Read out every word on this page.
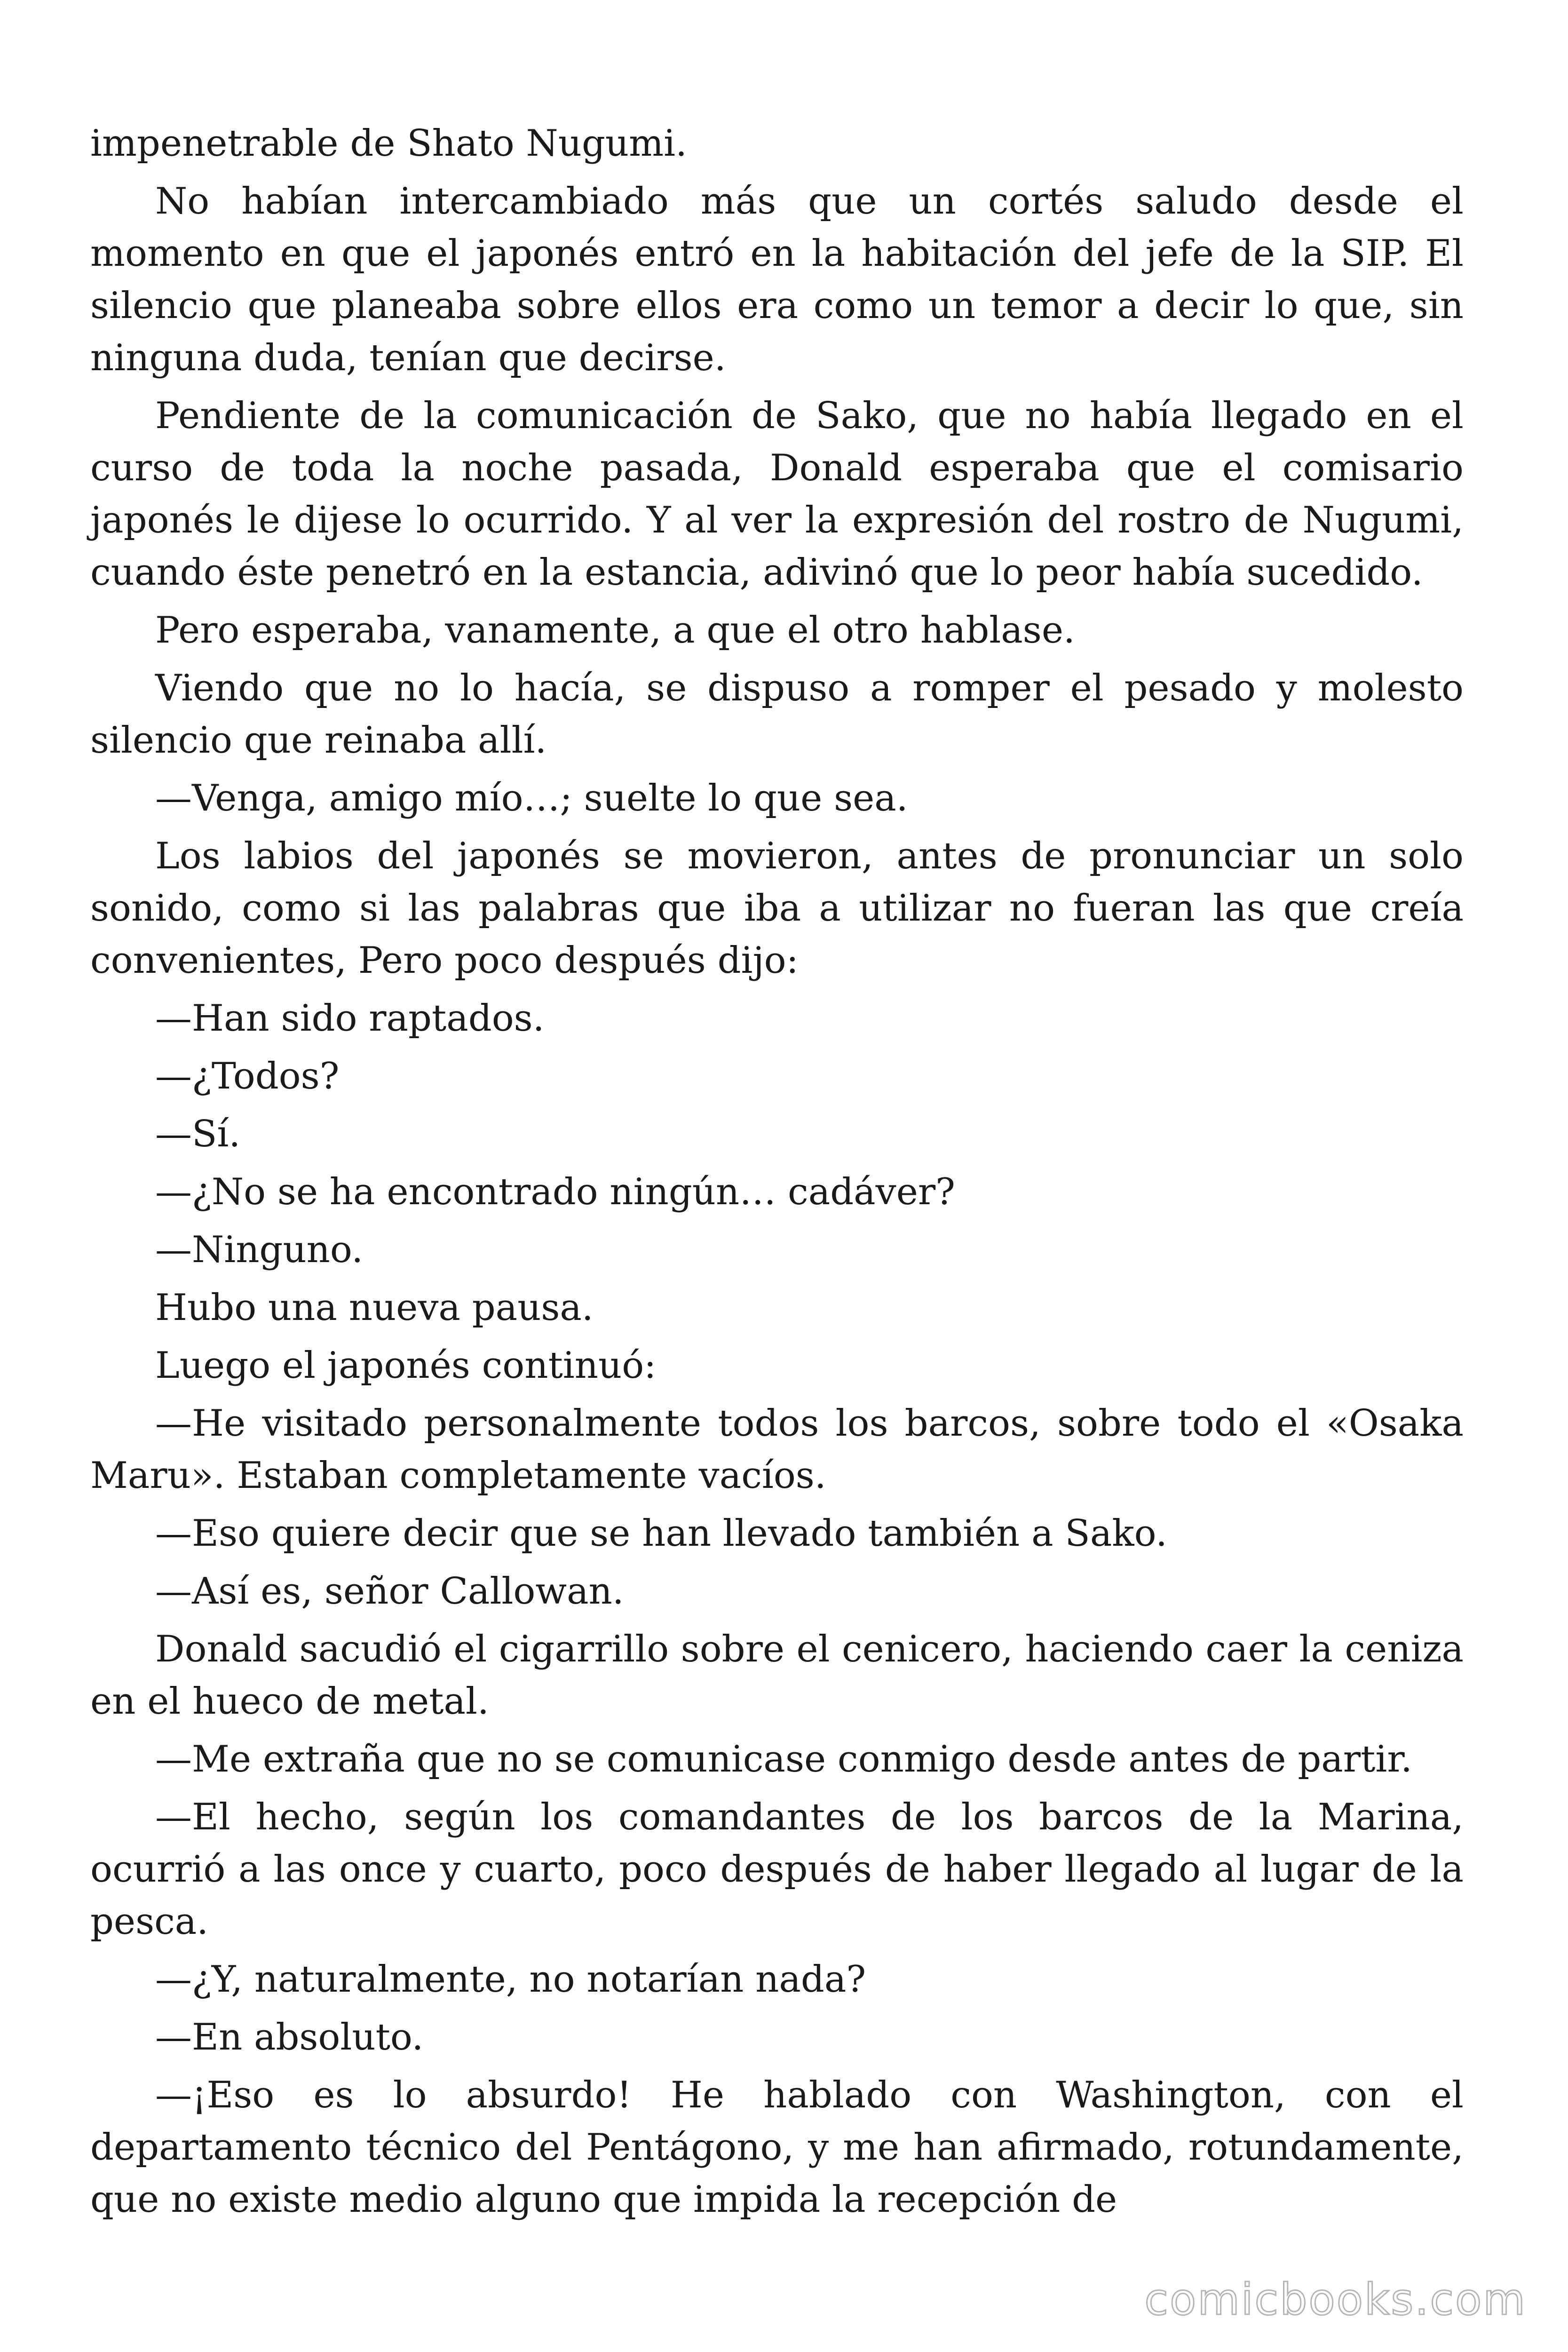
impenetrable de Shato Nugumi.

No habían intercambiado más que un cortés saludo desde el momento en que el japonés entró en la habitación del jefe de la SIP. El silencio que planeaba sobre ellos era como un temor a decir lo que, sin ninguna duda, tenían que decirse.

Pendiente de la comunicación de Sako, que no había llegado en el curso de toda la noche pasada, Donald esperaba que el comisario japonés le dijese lo ocurrido. Y al ver la expresión del rostro de Nugumi, cuando éste penetró en la estancia, adivinó que lo peor había sucedido.

Pero esperaba, vanamente, a que el otro hablase.

Viendo que no lo hacía, se dispuso a romper el pesado y molesto silencio que reinaba allí.

—Venga, amigo mío…; suelte lo que sea.

Los labios del japonés se movieron, antes de pronunciar un solo sonido, como si las palabras que iba a utilizar no fueran las que creía convenientes, Pero poco después dijo:

—Han sido raptados.

—¿Todos?

—Sí.

—¿No se ha encontrado ningún… cadáver?

—Ninguno.

Hubo una nueva pausa.

Luego el japonés continuó:

—He visitado personalmente todos los barcos, sobre todo el «Osaka Maru». Estaban completamente vacíos.

—Eso quiere decir que se han llevado también a Sako.

—Así es, señor Callowan.

Donald sacudió el cigarrillo sobre el cenicero, haciendo caer la ceniza en el hueco de metal.

—Me extraña que no se comunicase conmigo desde antes de partir.

—El hecho, según los comandantes de los barcos de la Marina, ocurrió a las once y cuarto, poco después de haber llegado al lugar de la pesca.

—¿Y, naturalmente, no notarían nada?

—En absoluto.

—¡Eso es lo absurdo! He hablado con Washington, con el departamento técnico del Pentágono, y me han afirmado, rotundamente, que no existe medio alguno que impida la recepción de

comicbooks.com
